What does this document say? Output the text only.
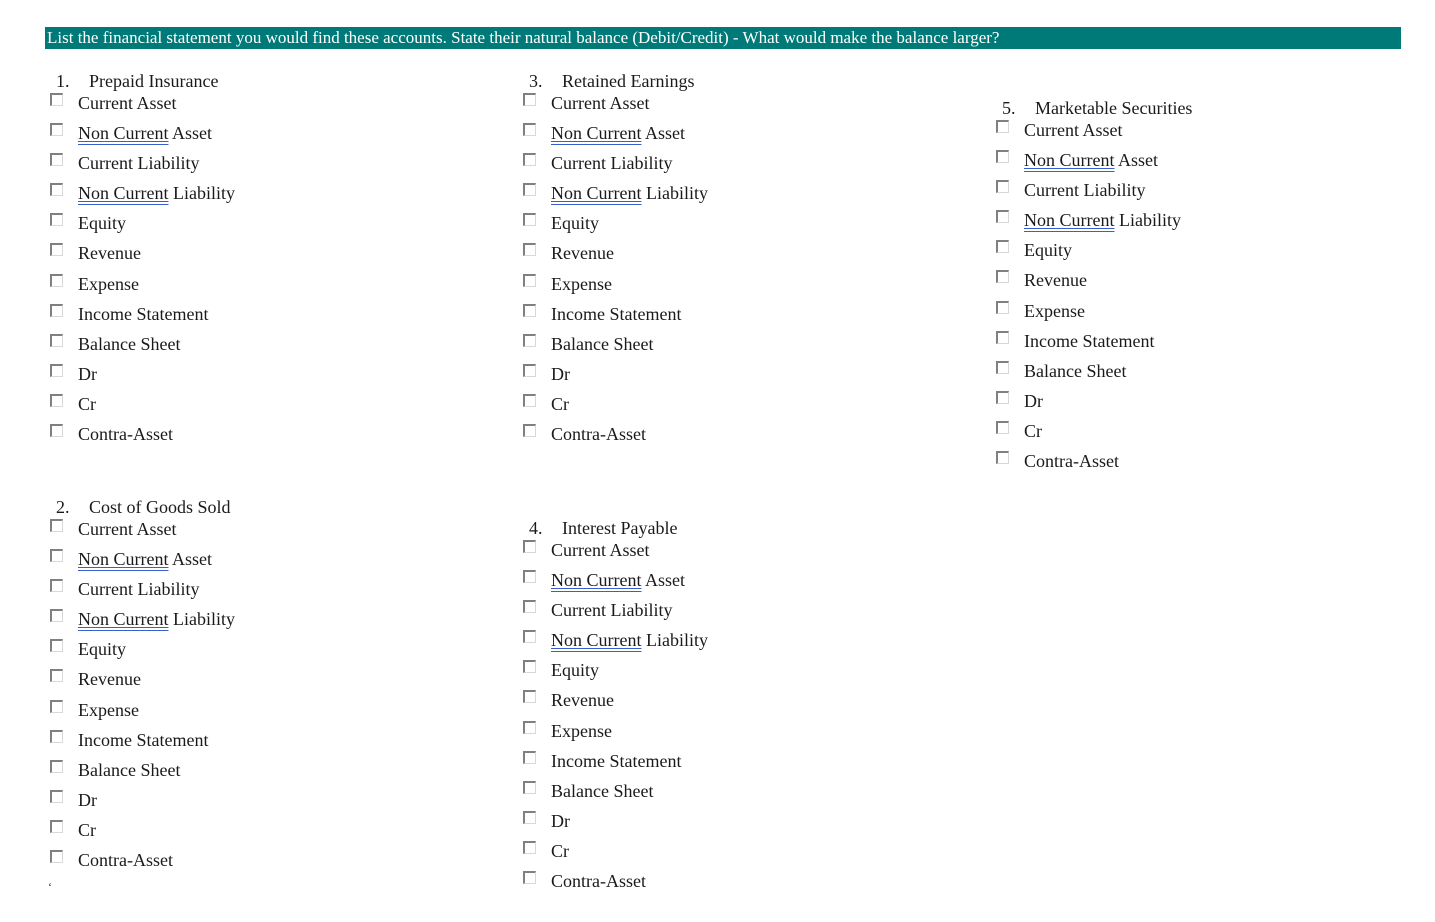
List the financial statement you would find these accounts. State their natural balance (Debit/Credit) - What would make the balance larger?
1. Prepaid Insurance
Current Asset
Non Current Asset
Current Liability
Non Current Liability
Equity
Revenue
Expense
Income Statement
Balance Sheet
Dr
Cr
Contra-Asset
2. Cost of Goods Sold
Current Asset
Non Current Asset
Current Liability
Non Current Liability
Equity
Revenue
Expense
Income Statement
Balance Sheet
Dr
Cr
Contra-Asset
3. Retained Earnings
Current Asset
Non Current Asset
Current Liability
Non Current Liability
Equity
Revenue
Expense
Income Statement
Balance Sheet
Dr
Cr
Contra-Asset
4. Interest Payable
Current Asset
Non Current Asset
Current Liability
Non Current Liability
Equity
Revenue
Expense
Income Statement
Balance Sheet
Dr
Cr
Contra-Asset
5. Marketable Securities
Current Asset
Non Current Asset
Current Liability
Non Current Liability
Equity
Revenue
Expense
Income Statement
Balance Sheet
Dr
Cr
Contra-Asset
‘
